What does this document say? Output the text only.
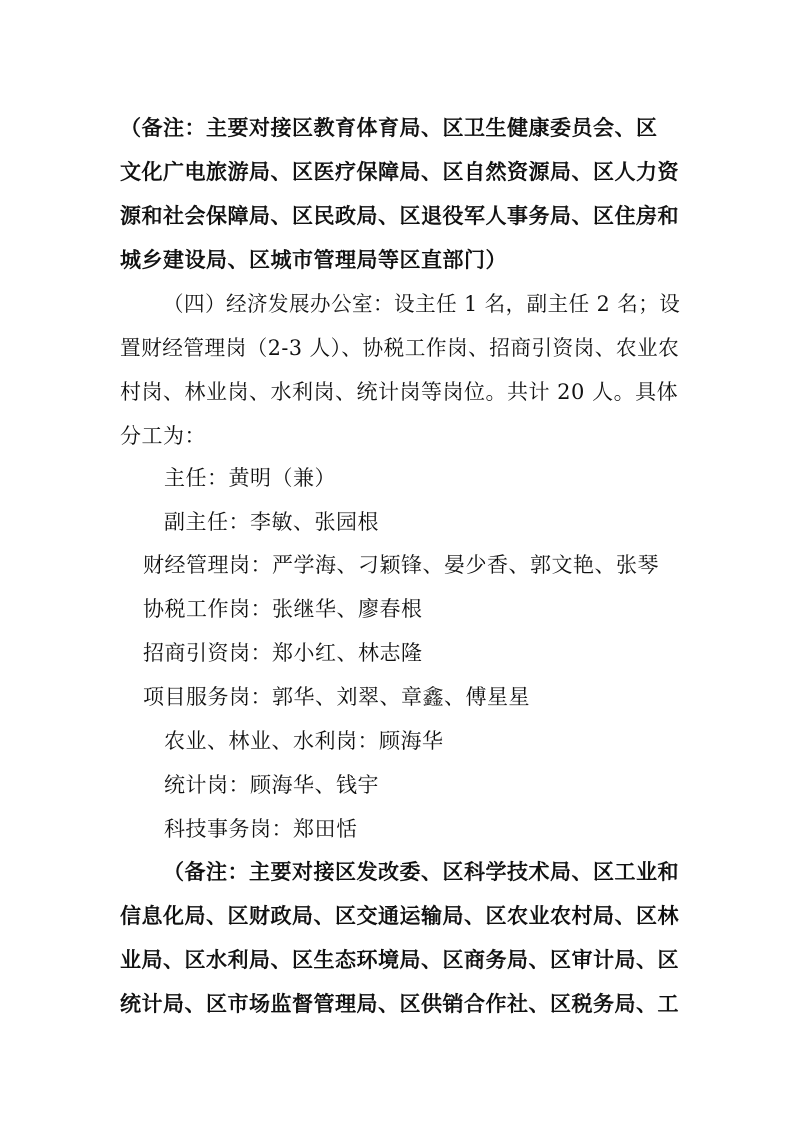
（备注：主要对接区教育体育局、区卫生健康委员会、区
文化广电旅游局、区医疗保障局、区自然资源局、区人力资
源和社会保障局、区民政局、区退役军人事务局、区住房和
城乡建设局、区城市管理局等区直部门）
（四）经济发展办公室：设主任 1 名，副主任 2 名；设
置财经管理岗（2-3 人）、协税工作岗、招商引资岗、农业农
村岗、林业岗、水利岗、统计岗等岗位。共计 20 人。具体
分工为：
主任：黄明（兼）
副主任：李敏、张园根
财经管理岗：严学海、刁颖锋、晏少香、郭文艳、张琴
协税工作岗：张继华、廖春根
招商引资岗：郑小红、林志隆
项目服务岗：郭华、刘翠、章鑫、傅星星
农业、林业、水利岗：顾海华
统计岗：顾海华、钱宇
科技事务岗：郑田恬
（备注：主要对接区发改委、区科学技术局、区工业和
信息化局、区财政局、区交通运输局、区农业农村局、区林
业局、区水利局、区生态环境局、区商务局、区审计局、区
统计局、区市场监督管理局、区供销合作社、区税务局、工
